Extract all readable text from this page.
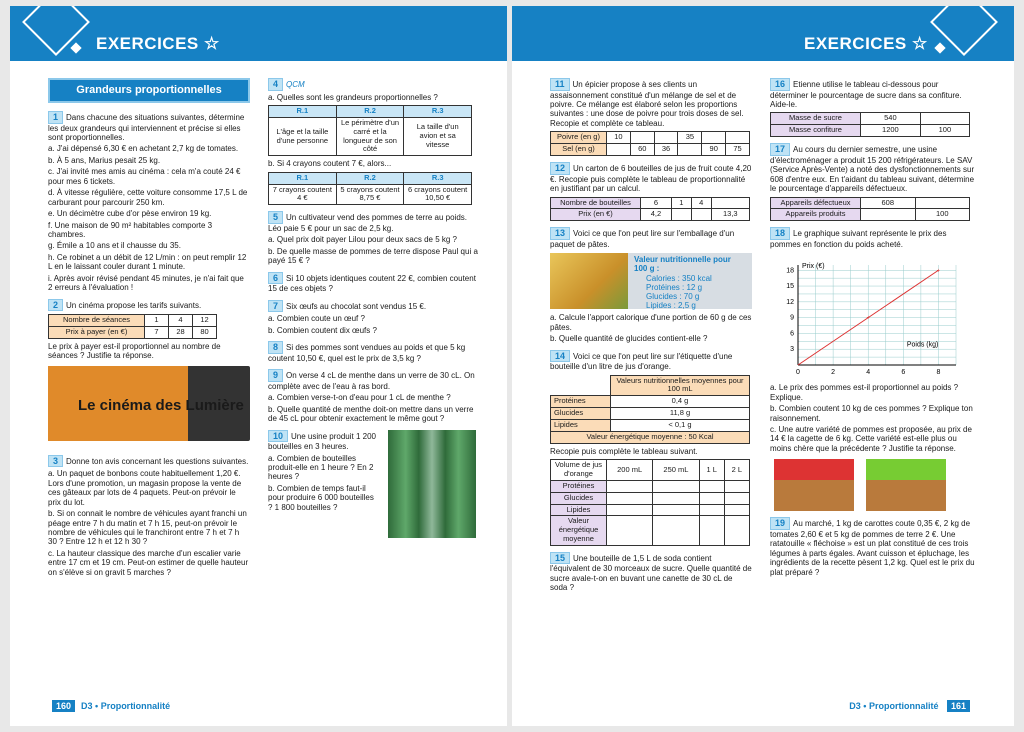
EXERCICES ☆
Grandeurs proportionnelles
1 Dans chacune des situations suivantes, détermine les deux grandeurs qui interviennent et précise si elles sont proportionnelles.
a. J'ai dépensé 6,30 € en achetant 2,7 kg de tomates.
b. À 5 ans, Marius pesait 25 kg.
c. J'ai invité mes amis au cinéma : cela m'a couté 24 € pour mes 6 tickets.
d. À vitesse régulière, cette voiture consomme 17,5 L de carburant pour parcourir 250 km.
e. Un décimètre cube d'or pèse environ 19 kg.
f. Une maison de 90 m² habitables comporte 3 chambres.
g. Émile a 10 ans et il chausse du 35.
h. Ce robinet a un débit de 12 L/min : on peut remplir 12 L en le laissant couler durant 1 minute.
i. Après avoir révisé pendant 45 minutes, je n'ai fait que 2 erreurs à l'évaluation !
2 Un cinéma propose les tarifs suivants.
Nombre de séances	1	4	12
Prix à payer (en €)	7	28	80
Le prix à payer est-il proportionnel au nombre de séances ? Justifie ta réponse.
Le cinéma des Lumière
3 Donne ton avis concernant les questions suivantes.
a. Un paquet de bonbons coute habituellement 1,20 €. Lors d'une promotion, un magasin propose la vente de ces gâteaux par lots de 4 paquets. Peut-on prévoir le prix du lot.
b. Si on connait le nombre de véhicules ayant franchi un péage entre 7 h du matin et 7 h 15, peut-on prévoir le nombre de véhicules qui le franchiront entre 7 h et 7 h 30 ? Entre 12 h et 12 h 30 ?
c. La hauteur classique des marche d'un escalier varie entre 17 cm et 19 cm. Peut-on estimer de quelle hauteur on s'élève si on gravit 5 marches ?
4 QCM
a. Quelles sont les grandeurs proportionnelles ?
R.1	R.2	R.3
L'âge et la taille d'une personne	Le périmètre d'un carré et la longueur de son côté	La taille d'un avion et sa vitesse
b. Si 4 crayons coutent 7 €, alors...
R.1	R.2	R.3
7 crayons coutent 4 €	5 crayons coutent 8,75 €	6 crayons coutent 10,50 €
5 Un cultivateur vend des pommes de terre au poids. Léo paie 5 € pour un sac de 2,5 kg.
a. Quel prix doit payer Lilou pour deux sacs de 5 kg ?
b. De quelle masse de pommes de terre dispose Paul qui a payé 15 € ?
6 Si 10 objets identiques coutent 22 €, combien coutent 15 de ces objets ?
7 Six œufs au chocolat sont vendus 15 €.
a. Combien coute un œuf ?
b. Combien coutent dix œufs ?
8 Si des pommes sont vendues au poids et que 5 kg coutent 10,50 €, quel est le prix de 3,5 kg ?
9 On verse 4 cL de menthe dans un verre de 30 cL. On complète avec de l'eau à ras bord.
a. Combien verse-t-on d'eau pour 1 cL de menthe ?
b. Quelle quantité de menthe doit-on mettre dans un verre de 45 cL pour obtenir exactement le même gout ?
10 Une usine produit 1 200 bouteilles en 3 heures.
a. Combien de bouteilles produit-elle en 1 heure ? En 2 heures ?
b. Combien de temps faut-il pour produire 6 000 bouteilles ? 1 800 bouteilles ?
160 D3 • Proportionnalité
EXERCICES ☆
11 Un épicier propose à ses clients un assaisonnement constitué d'un mélange de sel et de poivre. Ce mélange est élaboré selon les proportions suivantes : une dose de poivre pour trois doses de sel. Recopie et complète ce tableau.
Poivre (en g)	10			35		
Sel (en g)		60	36		90	75
12 Un carton de 6 bouteilles de jus de fruit coute 4,20 €. Recopie puis complète le tableau de proportionnalité en justifiant par un calcul.
Nombre de bouteilles	6	1	4	
Prix (en €)	4,2			13,3
13 Voici ce que l'on peut lire sur l'emballage d'un paquet de pâtes.
Valeur nutritionnelle pour 100 g :
Calories : 350 kcal
Protéines : 12 g
Glucides : 70 g
Lipides : 2,5 g
a. Calcule l'apport calorique d'une portion de 60 g de ces pâtes.
b. Quelle quantité de glucides contient-elle ?
14 Voici ce que l'on peut lire sur l'étiquette d'une bouteille d'un litre de jus d'orange.
	Valeurs nutritionnelles moyennes pour 100 mL
Protéines	0,4 g
Glucides	11,8 g
Lipides	< 0,1 g
Valeur énergétique moyenne : 50 Kcal	
Recopie puis complète le tableau suivant.
Volume de jus d'orange	200 mL	250 mL	1 L	2 L
Protéines				
Glucides				
Lipides				
Valeur énergétique moyenne				
15 Une bouteille de 1,5 L de soda contient l'équivalent de 30 morceaux de sucre. Quelle quantité de sucre avale-t-on en buvant une canette de 30 cL de soda ?
16 Etienne utilise le tableau ci-dessous pour déterminer le pourcentage de sucre dans sa confiture. Aide-le.
Masse de sucre	540	
Masse confiture	1200	100
17 Au cours du dernier semestre, une usine d'électroménager a produit 15 200 réfrigérateurs. Le SAV (Service Après-Vente) a noté des dysfonctionnements sur 608 d'entre eux. En t'aidant du tableau suivant, détermine le pourcentage d'appareils défectueux.
Appareils défectueux	608	
Appareils produits		100
18 Le graphique suivant représente le prix des pommes en fonction du poids acheté.
0	2	4	6	8
3
6
9
12
15
18
Prix (€)
Poids (kg)
+
+
a. Le prix des pommes est-il proportionnel au poids ? Explique.
b. Combien coutent 10 kg de ces pommes ? Explique ton raisonnement.
c. Une autre variété de pommes est proposée, au prix de 14 € la cagette de 6 kg. Cette variété est-elle plus ou moins chère que la précédente ? Justifie ta réponse.
19 Au marché, 1 kg de carottes coute 0,35 €, 2 kg de tomates 2,60 € et 5 kg de pommes de terre 2 €. Une ratatouille « fléchoise » est un plat constitué de ces trois légumes à parts égales. Avant cuisson et épluchage, les ingrédients de la recette pèsent 1,2 kg. Quel est le prix du plat préparé ?
D3 • Proportionnalité 161
